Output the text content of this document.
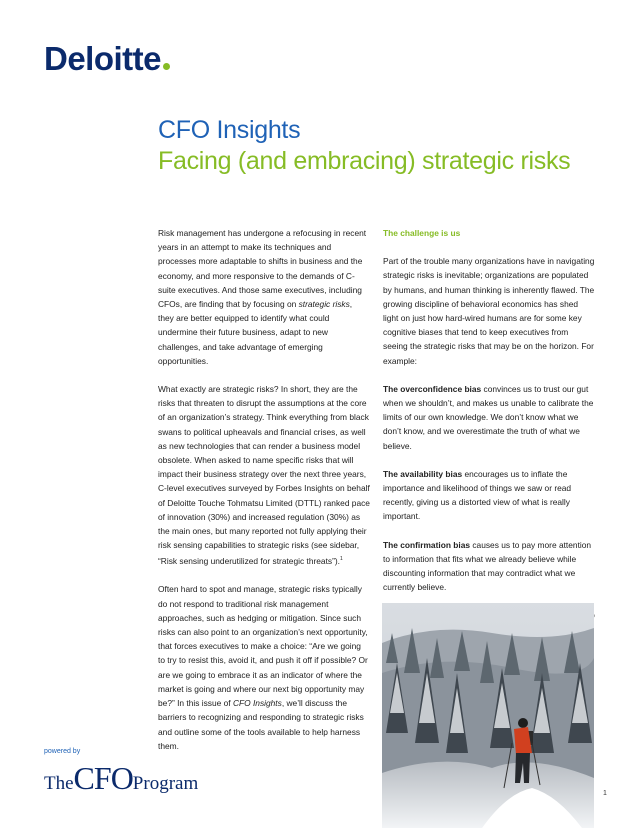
Deloitte
CFO Insights
Facing (and embracing) strategic risks

Risk management has undergone a refocusing in recent years in an attempt to make its techniques and processes more adaptable to shifts in business and the economy, and more responsive to the demands of C-suite executives. And those same executives, including CFOs, are finding that by focusing on strategic risks, they are better equipped to identify what could undermine their future business, adapt to new challenges, and take advantage of emerging opportunities.

What exactly are strategic risks? In short, they are the risks that threaten to disrupt the assumptions at the core of an organization’s strategy. Think everything from black swans to political upheavals and financial crises, as well as new technologies that can render a business model obsolete. When asked to name specific risks that will impact their business strategy over the next three years, C-level executives surveyed by Forbes Insights on behalf of Deloitte Touche Tohmatsu Limited (DTTL) ranked pace of innovation (30%) and increased regulation (30%) as the main ones, but many reported not fully applying their risk sensing capabilities to strategic risks (see sidebar, “Risk sensing underutilized for strategic threats”).$^1$

Often hard to spot and manage, strategic risks typically do not respond to traditional risk management approaches, such as hedging or mitigation. Since such risks can also point to an organization’s next opportunity, that forces executives to make a choice: “Are we going to try to resist this, avoid it, and push it off if possible? Or are we going to embrace it as an indicator of where the market is going and where our next big opportunity may be?” In this issue of CFO Insights, we’ll discuss the barriers to recognizing and responding to strategic risks and outline some of the tools available to help harness them.

The challenge is us

Part of the trouble many organizations have in navigating strategic risks is inevitable; organizations are populated by humans, and human thinking is inherently flawed. The growing discipline of behavioral economics has shed light on just how hard-wired humans are for some key cognitive biases that tend to keep executives from seeing the strategic risks that may be on the horizon. For example:

The overconfidence bias convinces us to trust our gut when we shouldn’t, and makes us unable to calibrate the limits of our own knowledge. We don’t know what we don’t know, and we overestimate the truth of what we believe.

The availability bias encourages us to inflate the importance and likelihood of things we saw or read recently, giving us a distorted view of what is really important.

The confirmation bias causes us to pay more attention to information that fits what we already believe while discounting information that may contradict what we currently believe.

powered by
TheCFOProgram	1
